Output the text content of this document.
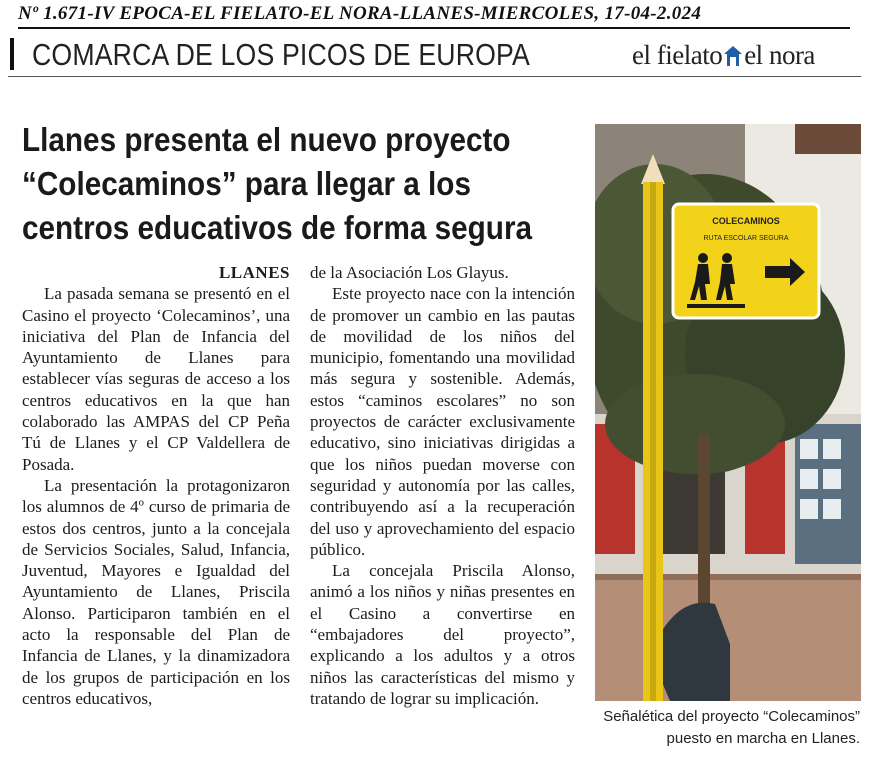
Nº 1.671-IV EPOCA-EL FIELATO-EL NORA-LLANES-MIERCOLES, 17-04-2.024
COMARCA DE LOS PICOS DE EUROPA	el fielato el nora
Llanes presenta el nuevo proyecto
“Colecaminos” para llegar a los
centros educativos de forma segura

LLANES

La pasada semana se presentó en el Casino el proyecto ‘Colecaminos’, una iniciativa del Plan de Infancia del Ayuntamiento de Llanes para establecer vías seguras de acceso a los centros educativos en la que han colaborado las AMPAS del CP Peña Tú de Llanes y el CP Valdellera de Posada.

La presentación la protagonizaron los alumnos de 4º curso de primaria de estos dos centros, junto a la concejala de Servicios Sociales, Salud, Infancia, Juventud, Mayores e Igualdad del Ayuntamiento de Llanes, Priscila Alonso. Participaron también en el acto la responsable del Plan de Infancia de Llanes, y la dinamizadora de los grupos de participación en los centros educativos,

de la Asociación Los Glayus.

Este proyecto nace con la intención de promover un cambio en las pautas de movilidad de los niños del municipio, fomentando una movilidad más segura y sostenible. Además, estos “caminos escolares” no son proyectos de carácter exclusivamente educativo, sino iniciativas dirigidas a que los niños puedan moverse con seguridad y autonomía por las calles, contribuyendo así a la recuperación del uso y aprovechamiento del espacio público.

La concejala Priscila Alonso, animó a los niños y niñas presentes en el Casino a convertirse en “embajadores del proyecto”, explicando a los adultos y a otros niños las características del mismo y tratando de lograr su implicación.

COLECAMINOS
RUTA ESCOLAR SEGURA
Señalética del proyecto “Colecaminos”
puesto en marcha en Llanes.
